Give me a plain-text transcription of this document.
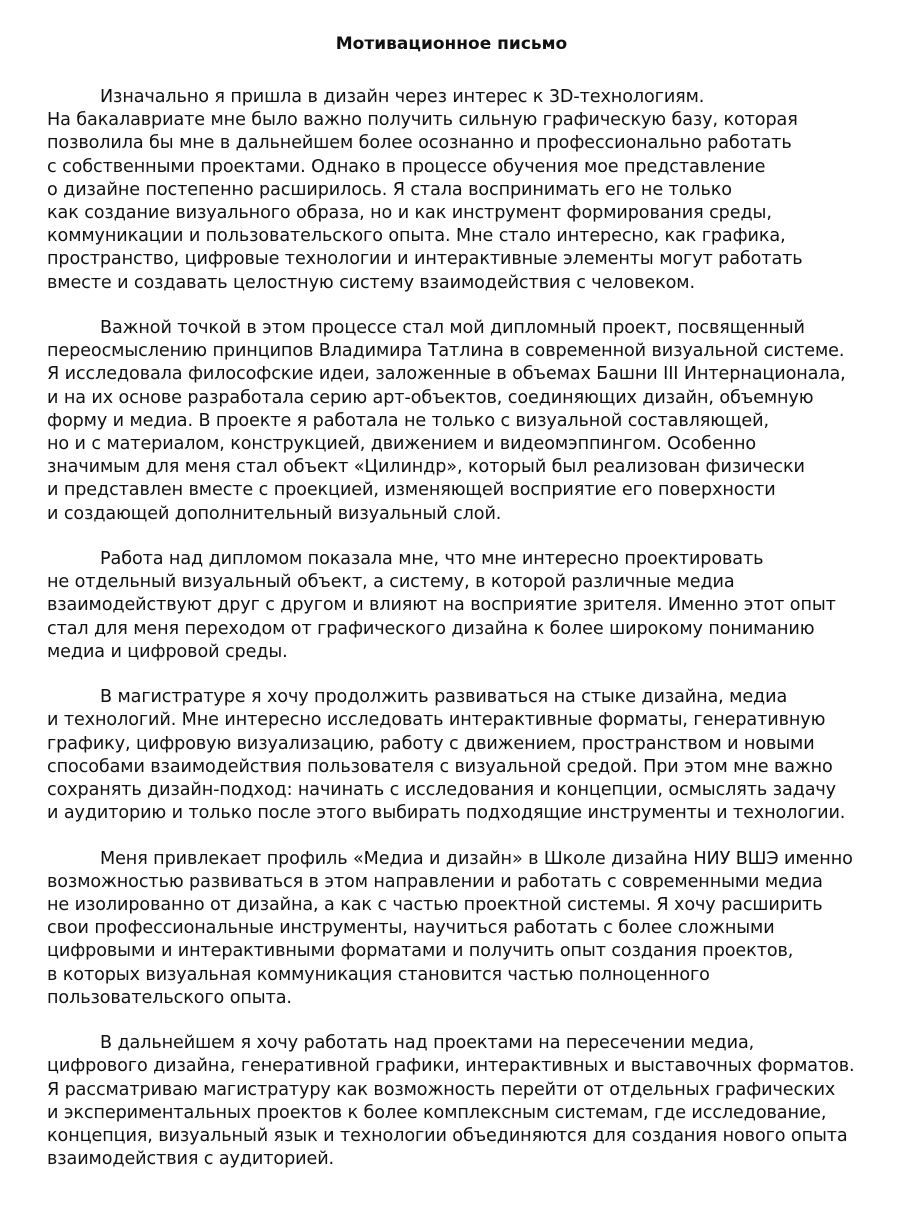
Мотивационное письмо
Изначально я пришла в дизайн через интерес к 3D-технологиям.
На бакалавриате мне было важно получить сильную графическую базу, которая
позволила бы мне в дальнейшем более осознанно и профессионально работать
с собственными проектами. Однако в процессе обучения мое представление
о дизайне постепенно расширилось. Я стала воспринимать его не только
как создание визуального образа, но и как инструмент формирования среды,
коммуникации и пользовательского опыта. Мне стало интересно, как графика,
пространство, цифровые технологии и интерактивные элементы могут работать
вместе и создавать целостную систему взаимодействия с человеком.
Важной точкой в этом процессе стал мой дипломный проект, посвященный
переосмыслению принципов Владимира Татлина в современной визуальной системе.
Я исследовала философские идеи, заложенные в объемах Башни III Интернационала,
и на их основе разработала серию арт-объектов, соединяющих дизайн, объемную
форму и медиа. В проекте я работала не только с визуальной составляющей,
но и с материалом, конструкцией, движением и видеомэппингом. Особенно
значимым для меня стал объект «Цилиндр», который был реализован физически
и представлен вместе с проекцией, изменяющей восприятие его поверхности
и создающей дополнительный визуальный слой.
Работа над дипломом показала мне, что мне интересно проектировать
не отдельный визуальный объект, а систему, в которой различные медиа
взаимодействуют друг с другом и влияют на восприятие зрителя. Именно этот опыт
стал для меня переходом от графического дизайна к более широкому пониманию
медиа и цифровой среды.
В магистратуре я хочу продолжить развиваться на стыке дизайна, медиа
и технологий. Мне интересно исследовать интерактивные форматы, генеративную
графику, цифровую визуализацию, работу с движением, пространством и новыми
способами взаимодействия пользователя с визуальной средой. При этом мне важно
сохранять дизайн-подход: начинать с исследования и концепции, осмыслять задачу
и аудиторию и только после этого выбирать подходящие инструменты и технологии.
Меня привлекает профиль «Медиа и дизайн» в Школе дизайна НИУ ВШЭ именно
возможностью развиваться в этом направлении и работать с современными медиа
не изолированно от дизайна, а как с частью проектной системы. Я хочу расширить
свои профессиональные инструменты, научиться работать с более сложными
цифровыми и интерактивными форматами и получить опыт создания проектов,
в которых визуальная коммуникация становится частью полноценного
пользовательского опыта.
В дальнейшем я хочу работать над проектами на пересечении медиа,
цифрового дизайна, генеративной графики, интерактивных и выставочных форматов.
Я рассматриваю магистратуру как возможность перейти от отдельных графических
и экспериментальных проектов к более комплексным системам, где исследование,
концепция, визуальный язык и технологии объединяются для создания нового опыта
взаимодействия с аудиторией.
